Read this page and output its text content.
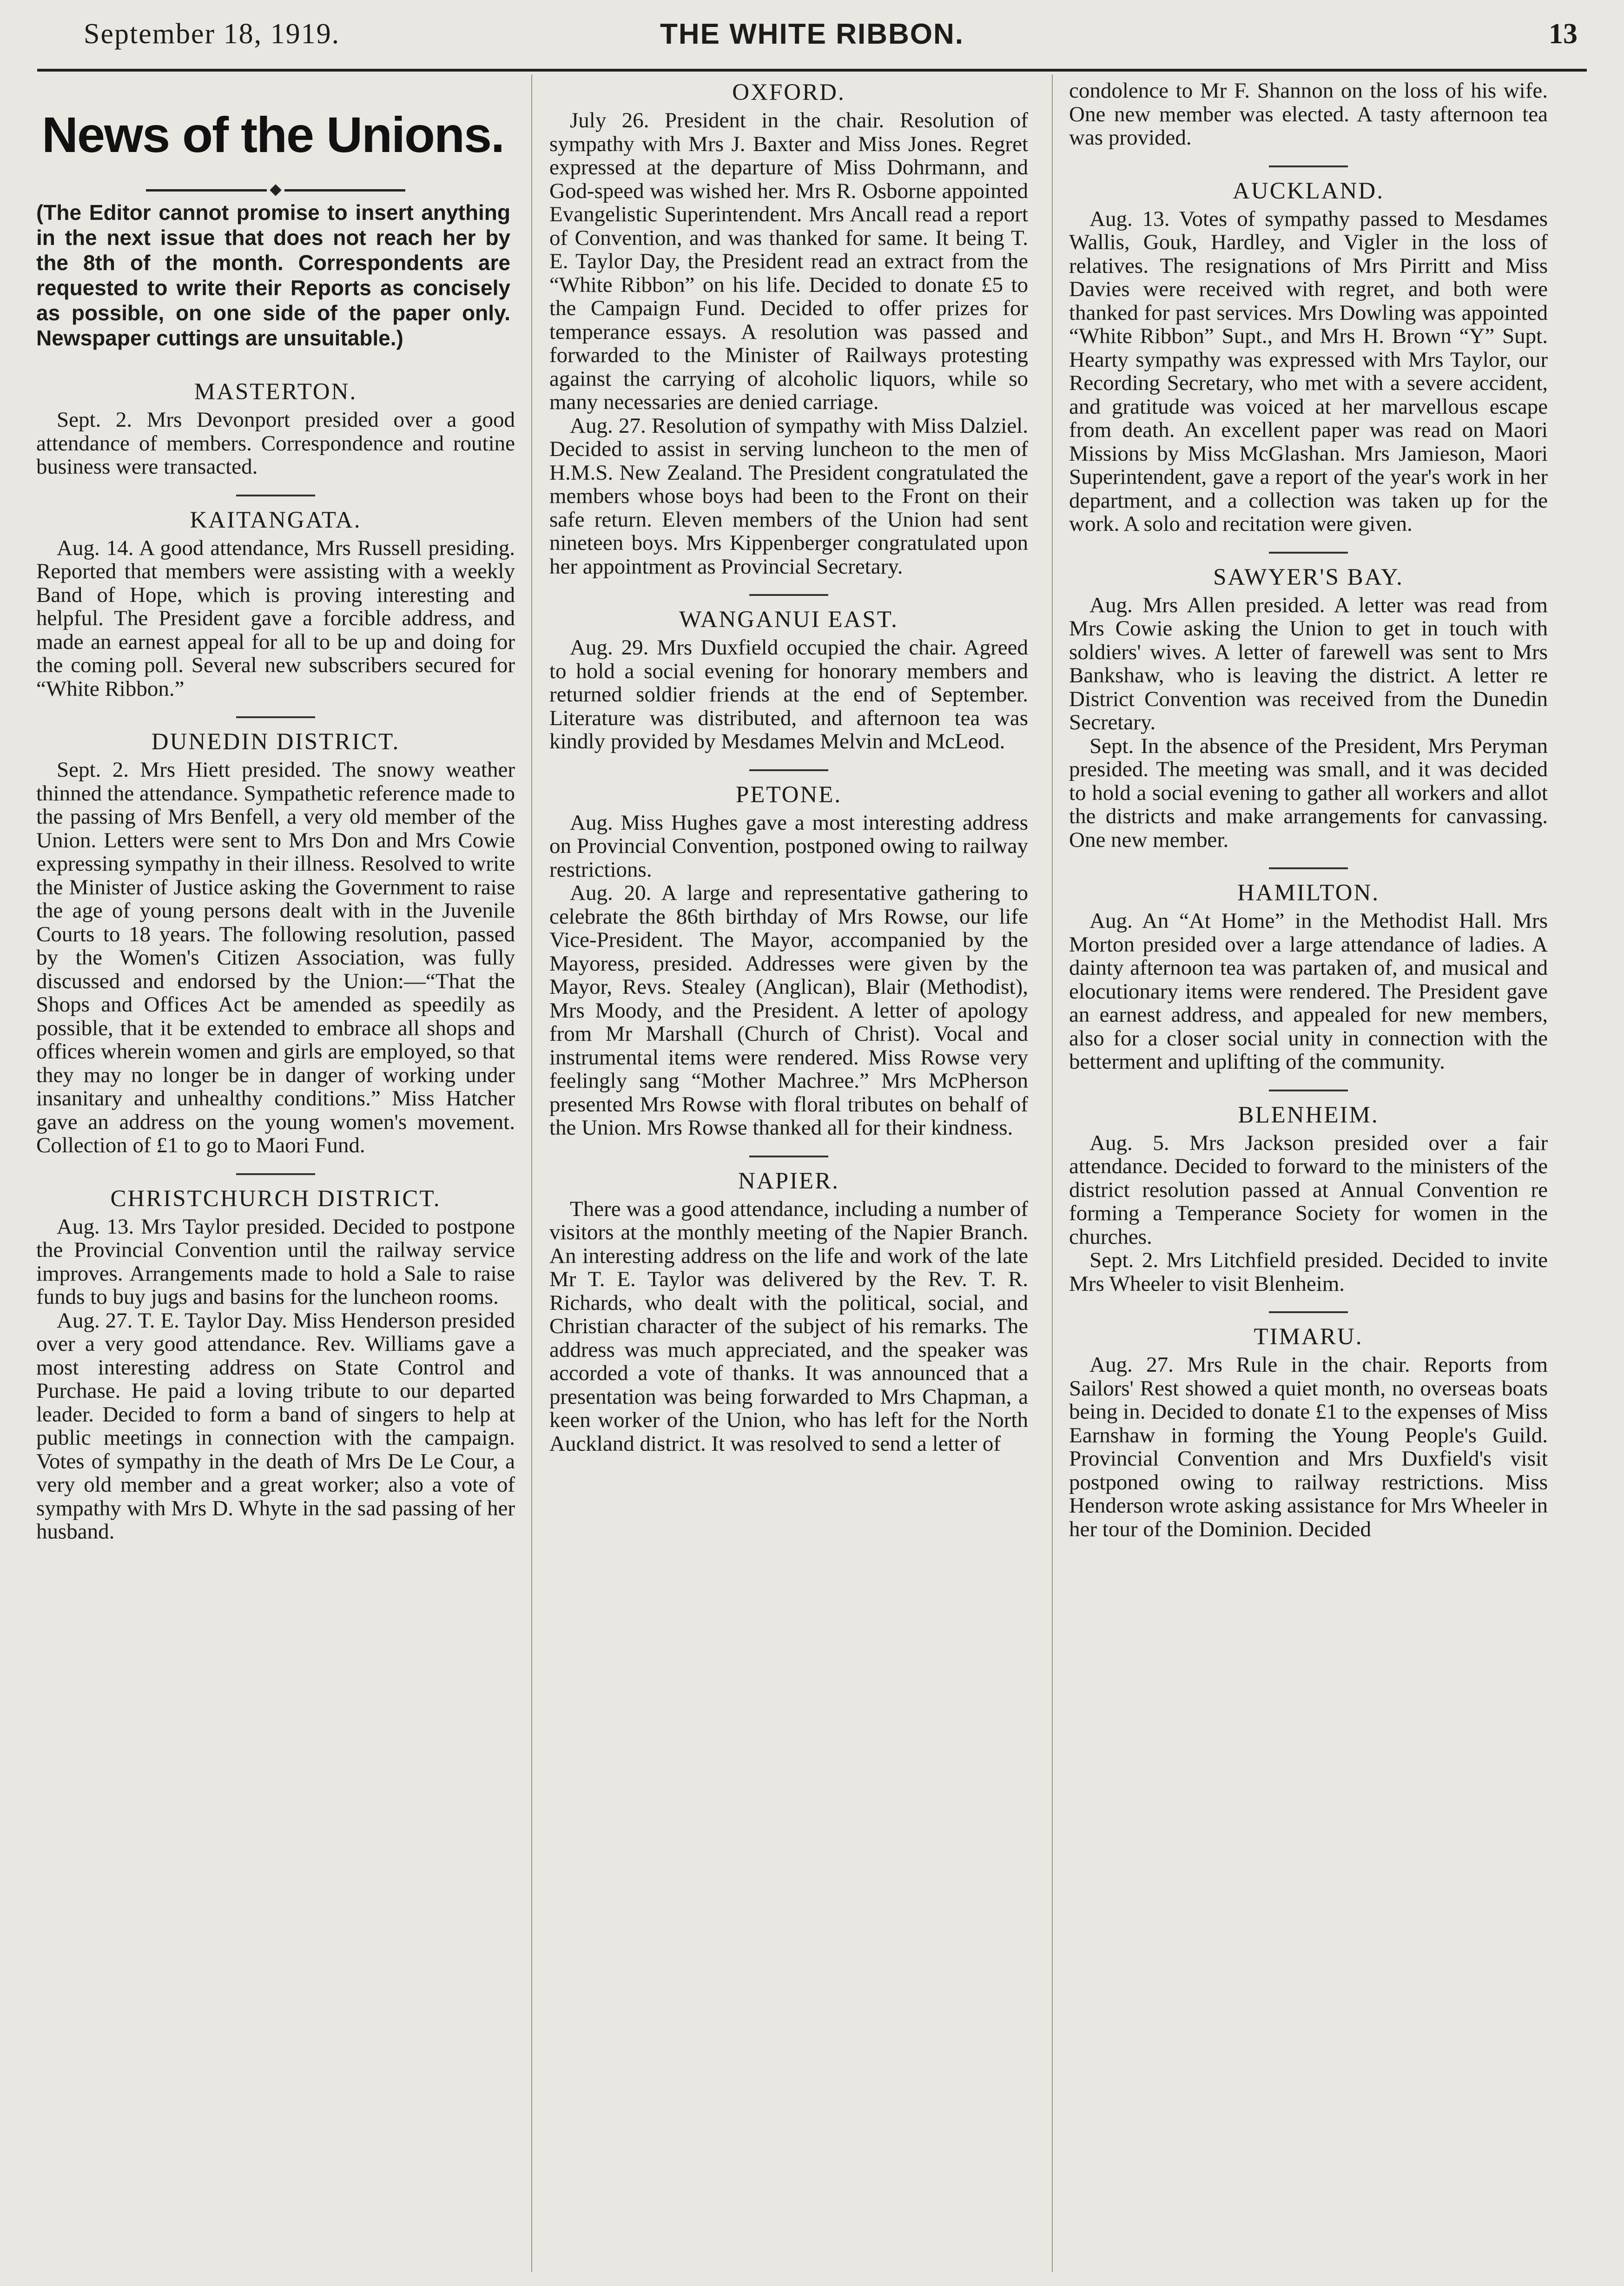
September 18, 1919.	THE WHITE RIBBON.	13
News of the Unions.
(The Editor cannot promise to insert anything in the next issue that does not reach her by the 8th of the month. Correspondents are requested to write their Reports as concisely as possible, on one side of the paper only. Newspaper cuttings are unsuitable.)
MASTERTON.

Sept. 2. Mrs Devonport presided over a good attendance of members. Correspondence and routine business were transacted.

KAITANGATA.

Aug. 14. A good attendance, Mrs Russell presiding. Reported that members were assisting with a weekly Band of Hope, which is proving interesting and helpful. The President gave a forcible address, and made an earnest appeal for all to be up and doing for the coming poll. Several new subscribers secured for “White Ribbon.”

DUNEDIN DISTRICT.

Sept. 2. Mrs Hiett presided. The snowy weather thinned the attendance. Sympathetic reference made to the passing of Mrs Benfell, a very old member of the Union. Letters were sent to Mrs Don and Mrs Cowie expressing sympathy in their illness. Resolved to write the Minister of Justice asking the Government to raise the age of young persons dealt with in the Juvenile Courts to 18 years. The following resolution, passed by the Women's Citizen Association, was fully discussed and endorsed by the Union:—“That the Shops and Offices Act be amended as speedily as possible, that it be extended to embrace all shops and offices wherein women and girls are employed, so that they may no longer be in danger of working under insanitary and unhealthy conditions.” Miss Hatcher gave an address on the young women's movement. Collection of £1 to go to Maori Fund.

CHRISTCHURCH DISTRICT.

Aug. 13. Mrs Taylor presided. Decided to postpone the Provincial Convention until the railway service improves. Arrangements made to hold a Sale to raise funds to buy jugs and basins for the luncheon rooms.

Aug. 27. T. E. Taylor Day. Miss Henderson presided over a very good attendance. Rev. Williams gave a most interesting address on State Control and Purchase. He paid a loving tribute to our departed leader. Decided to form a band of singers to help at public meetings in connection with the campaign. Votes of sympathy in the death of Mrs De Le Cour, a very old member and a great worker; also a vote of sympathy with Mrs D. Whyte in the sad passing of her husband.

OXFORD.

July 26. President in the chair. Resolution of sympathy with Mrs J. Baxter and Miss Jones. Regret expressed at the departure of Miss Dohrmann, and God-speed was wished her. Mrs R. Osborne appointed Evangelistic Superintendent. Mrs Ancall read a report of Convention, and was thanked for same. It being T. E. Taylor Day, the President read an extract from the “White Ribbon” on his life. Decided to donate £5 to the Campaign Fund. Decided to offer prizes for temperance essays. A resolution was passed and forwarded to the Minister of Railways protesting against the carrying of alcoholic liquors, while so many necessaries are denied carriage.

Aug. 27. Resolution of sympathy with Miss Dalziel. Decided to assist in serving luncheon to the men of H.M.S. New Zealand. The President congratulated the members whose boys had been to the Front on their safe return. Eleven members of the Union had sent nineteen boys. Mrs Kippenberger congratulated upon her appointment as Provincial Secretary.

WANGANUI EAST.

Aug. 29. Mrs Duxfield occupied the chair. Agreed to hold a social evening for honorary members and returned soldier friends at the end of September. Literature was distributed, and afternoon tea was kindly provided by Mesdames Melvin and McLeod.

PETONE.

Aug. Miss Hughes gave a most interesting address on Provincial Convention, postponed owing to railway restrictions.

Aug. 20. A large and representative gathering to celebrate the 86th birthday of Mrs Rowse, our life Vice-President. The Mayor, accompanied by the Mayoress, presided. Addresses were given by the Mayor, Revs. Stealey (Anglican), Blair (Methodist), Mrs Moody, and the President. A letter of apology from Mr Marshall (Church of Christ). Vocal and instrumental items were rendered. Miss Rowse very feelingly sang “Mother Machree.” Mrs McPherson presented Mrs Rowse with floral tributes on behalf of the Union. Mrs Rowse thanked all for their kindness.

NAPIER.

There was a good attendance, including a number of visitors at the monthly meeting of the Napier Branch. An interesting address on the life and work of the late Mr T. E. Taylor was delivered by the Rev. T. R. Richards, who dealt with the political, social, and Christian character of the subject of his remarks. The address was much appreciated, and the speaker was accorded a vote of thanks. It was announced that a presentation was being forwarded to Mrs Chapman, a keen worker of the Union, who has left for the North Auckland district. It was resolved to send a letter of

condolence to Mr F. Shannon on the loss of his wife. One new member was elected. A tasty afternoon tea was provided.

AUCKLAND.

Aug. 13. Votes of sympathy passed to Mesdames Wallis, Gouk, Hardley, and Vigler in the loss of relatives. The resignations of Mrs Pirritt and Miss Davies were received with regret, and both were thanked for past services. Mrs Dowling was appointed “White Ribbon” Supt., and Mrs H. Brown “Y” Supt. Hearty sympathy was expressed with Mrs Taylor, our Recording Secretary, who met with a severe accident, and gratitude was voiced at her marvellous escape from death. An excellent paper was read on Maori Missions by Miss McGlashan. Mrs Jamieson, Maori Superintendent, gave a report of the year's work in her department, and a collection was taken up for the work. A solo and recitation were given.

SAWYER'S BAY.

Aug. Mrs Allen presided. A letter was read from Mrs Cowie asking the Union to get in touch with soldiers' wives. A letter of farewell was sent to Mrs Bankshaw, who is leaving the district. A letter re District Convention was received from the Dunedin Secretary.

Sept. In the absence of the President, Mrs Peryman presided. The meeting was small, and it was decided to hold a social evening to gather all workers and allot the districts and make arrangements for canvassing. One new member.

HAMILTON.

Aug. An “At Home” in the Methodist Hall. Mrs Morton presided over a large attendance of ladies. A dainty afternoon tea was partaken of, and musical and elocutionary items were rendered. The President gave an earnest address, and appealed for new members, also for a closer social unity in connection with the betterment and uplifting of the community.

BLENHEIM.

Aug. 5. Mrs Jackson presided over a fair attendance. Decided to forward to the ministers of the district resolution passed at Annual Convention re forming a Temperance Society for women in the churches.

Sept. 2. Mrs Litchfield presided. Decided to invite Mrs Wheeler to visit Blenheim.

TIMARU.

Aug. 27. Mrs Rule in the chair. Reports from Sailors' Rest showed a quiet month, no overseas boats being in. Decided to donate £1 to the expenses of Miss Earnshaw in forming the Young People's Guild. Provincial Convention and Mrs Duxfield's visit postponed owing to railway restrictions. Miss Henderson wrote asking assistance for Mrs Wheeler in her tour of the Dominion. Decided
